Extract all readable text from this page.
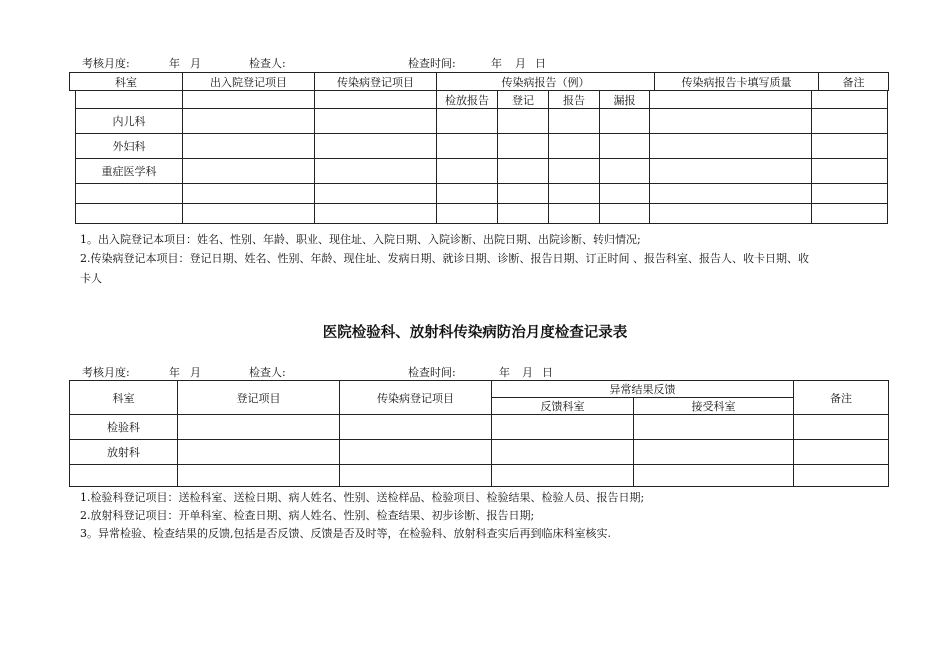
考核月度:	年 月	检查人:	检查时间:	年 月 日
科室	出入院登记项目	传染病登记项目	传染病报告（例）	传染病报告卡填写质量	备注
			检放报告	登记	报告	漏报		
内儿科								
外妇科								
重症医学科								

1。出入院登记本项目：姓名、性别、年龄、职业、现住址、入院日期、入院诊断、出院日期、出院诊断、转归情况;
2.传染病登记本项目：登记日期、姓名、性别、年龄、现住址、发病日期、就诊日期、诊断、报告日期、订正时间 、报告科室、报告人、收卡日期、收
卡人
医院检验科、放射科传染病防治月度检查记录表
考核月度:	年 月	检查人:	检查时间:	年 月 日
科室	登记项目	传染病登记项目	异常结果反馈		备注
			反馈科室	接受科室	
检验科					
放射科					

1.检验科登记项目：送检科室、送检日期、病人姓名、性别、送检样品、检验项目、检验结果、检验人员、报告日期;
2.放射科登记项目：开单科室、检查日期、病人姓名、性别、检查结果、初步诊断、报告日期;
3。异常检验、检查结果的反馈,包括是否反馈、反馈是否及时等，在检验科、放射科查实后再到临床科室核实.
